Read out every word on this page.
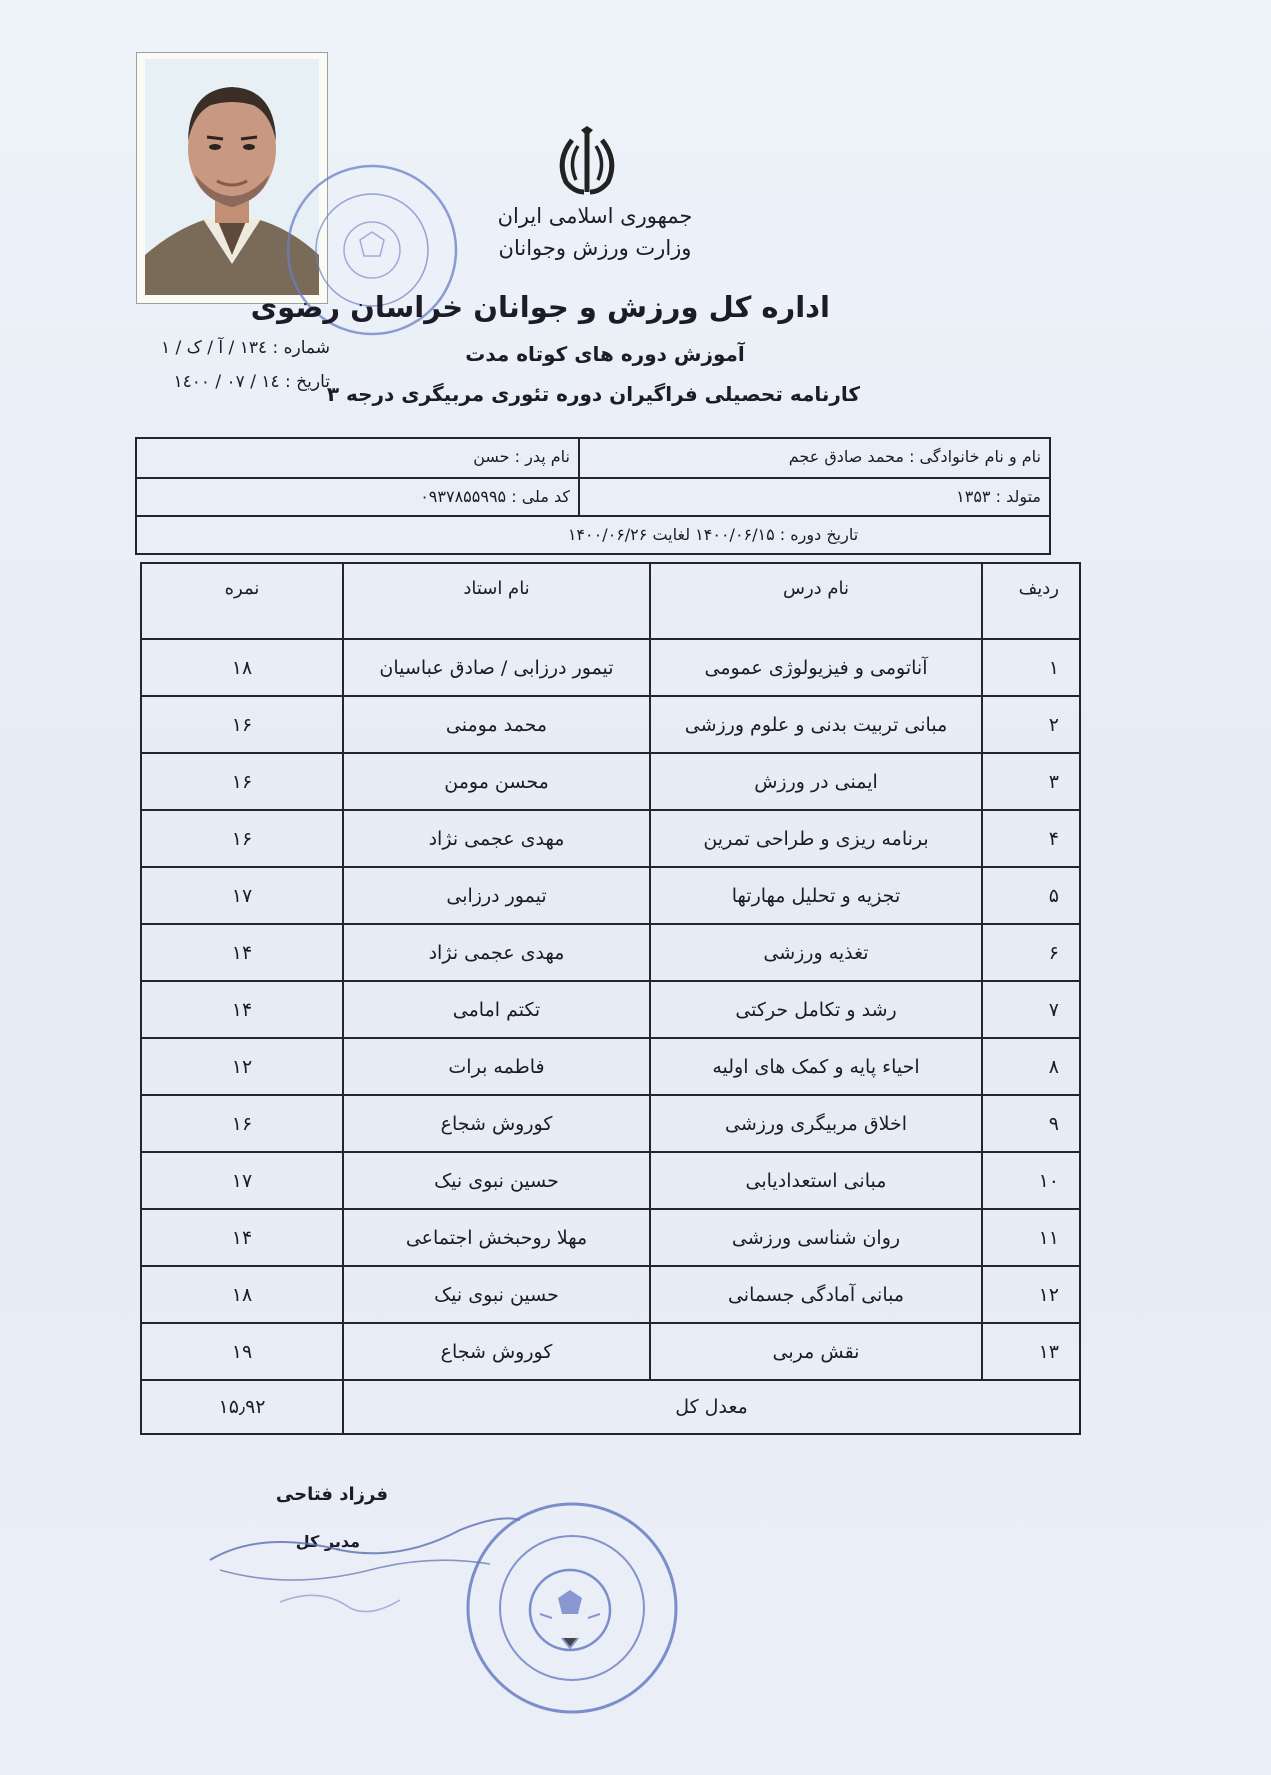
جمهوری اسلامی ایران
وزارت ورزش وجوانان
اداره کل ورزش و جوانان خراسان رضوی
آموزش دوره های کوتاه مدت
کارنامه تحصیلی فراگیران دوره تئوری مربیگری درجه ۳
شماره : ۱۳٤ / آ / ک / ۱
تاریخ : ۱٤ / ۰۷ / ۱٤۰۰
نام و نام خانوادگی : محمد صادق عجم
نام پدر : حسن
متولد : ۱۳۵۳
کد ملی : ۰۹۳۷۸۵۵۹۹۵
تاریخ دوره : ۱۴۰۰/۰۶/۱۵ لغایت ۱۴۰۰/۰۶/۲۶
ردیف	نام درس	نام استاد	نمره
۱	آناتومی و فیزیولوژی عمومی	تیمور درزابی / صادق عباسیان	۱۸
۲	مبانی تربیت بدنی و علوم ورزشی	محمد مومنی	۱۶
۳	ایمنی در ورزش	محسن مومن	۱۶
۴	برنامه ریزی و طراحی تمرین	مهدی عجمی نژاد	۱۶
۵	تجزیه و تحلیل مهارتها	تیمور درزابی	۱۷
۶	تغذیه ورزشی	مهدی عجمی نژاد	۱۴
۷	رشد و تکامل حرکتی	تکتم امامی	۱۴
۸	احیاء پایه و کمک های اولیه	فاطمه برات	۱۲
۹	اخلاق مربیگری ورزشی	کوروش شجاع	۱۶
۱۰	مبانی استعدادیابی	حسین نبوی نیک	۱۷
۱۱	روان شناسی ورزشی	مهلا روحبخش اجتماعی	۱۴
۱۲	مبانی آمادگی جسمانی	حسین نبوی نیک	۱۸
۱۳	نقش مربی	کوروش شجاع	۱۹
معدل کل			۱۵٫۹۲
فرزاد فتاحی
مدیر کل
